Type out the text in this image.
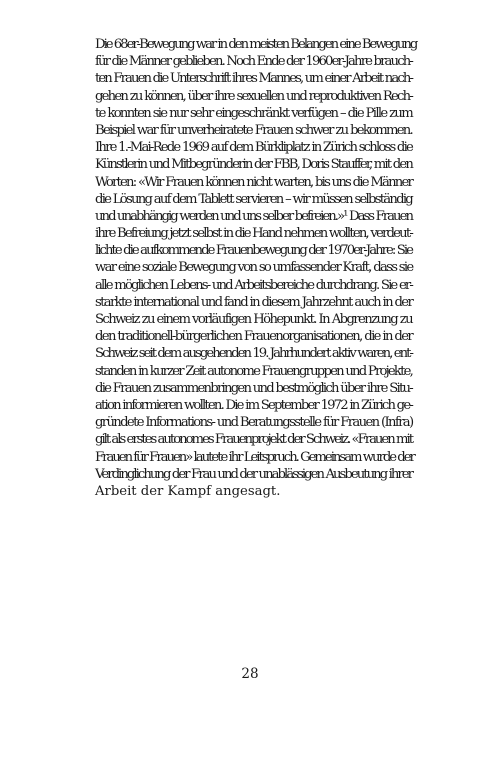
Die 68er-Bewegung war in den meisten Belangen eine Bewegung
für die Männer geblieben. Noch Ende der 1960er-Jahre brauch-
ten Frauen die Unterschrift ihres Mannes, um einer Arbeit nach-
gehen zu können, über ihre sexuellen und reproduktiven Rech-
te konnten sie nur sehr eingeschränkt verfügen – die Pille zum
Beispiel war für unverheiratete Frauen schwer zu bekommen.
Ihre 1.-Mai-Rede 1969 auf dem Bürkliplatz in Zürich schloss die
Künstlerin und Mitbegründerin der FBB, Doris Stauffer, mit den
Worten: «Wir Frauen können nicht warten, bis uns die Männer
die Lösung auf dem Tablett servieren – wir müssen selbständig
und unabhängig werden und uns selber befreien.»¹ Dass Frauen
ihre Befreiung jetzt selbst in die Hand nehmen wollten, verdeut-
lichte die aufkommende Frauenbewegung der 1970er-Jahre: Sie
war eine soziale Bewegung von so umfassender Kraft, dass sie
alle möglichen Lebens- und Arbeitsbereiche durchdrang. Sie er-
starkte international und fand in diesem Jahrzehnt auch in der
Schweiz zu einem vorläufigen Höhepunkt. In Abgrenzung zu
den traditionell-bürgerlichen Frauenorganisationen, die in der
Schweiz seit dem ausgehenden 19. Jahrhundert aktiv waren, ent-
standen in kurzer Zeit autonome Frauengruppen und Projekte,
die Frauen zusammenbringen und bestmöglich über ihre Situ-
ation informieren wollten. Die im September 1972 in Zürich ge-
gründete Informations- und Beratungsstelle für Frauen (Infra)
gilt als erstes autonomes Frauenprojekt der Schweiz. «Frauen mit
Frauen für Frauen» lautete ihr Leitspruch. Gemeinsam wurde der
Verdinglichung der Frau und der unablässigen Ausbeutung ihrer
Arbeit der Kampf angesagt.
28
